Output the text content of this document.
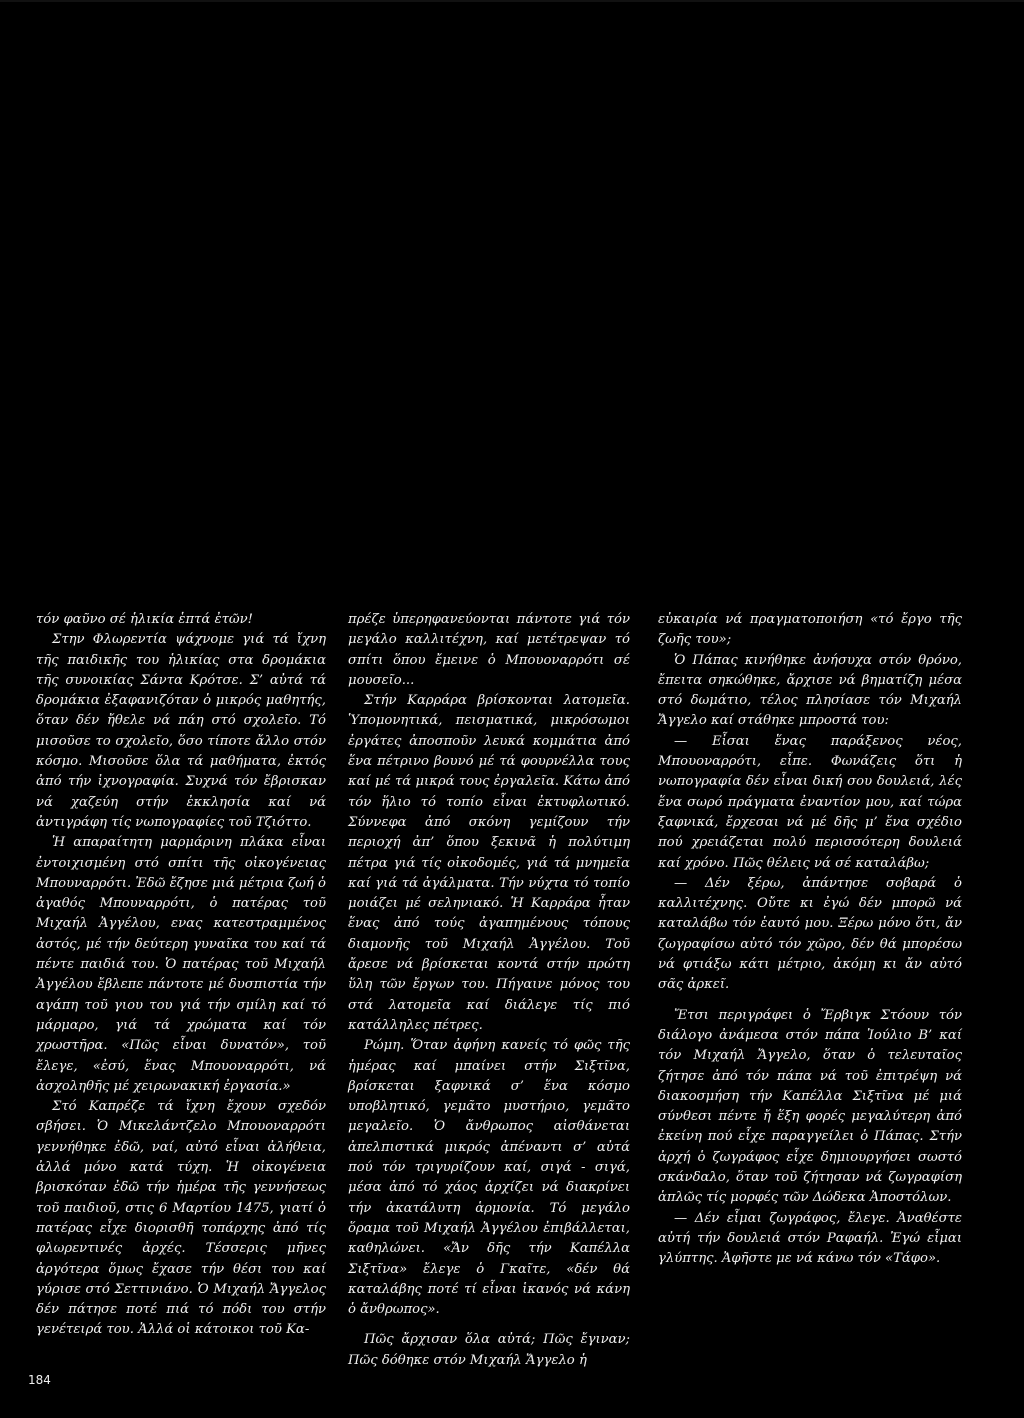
τόν φαῦνο σέ ἡλικία ἑπτά ἐτῶν!

Στην Φλωρεντία ψάχνομε γιά τά ἴχνη τῆς παιδικῆς του ἡλικίας στα δρομάκια τῆς συνοικίας Σάντα Κρότσε. Σ’ αὐτά τά δρομάκια ἐξαφανιζόταν ὁ μικρός μαθητής, ὅταν δέν ἤθελε νά πάη στό σχολεῖο. Τό μισοῦσε το σχολεῖο, ὅσο τίποτε ἄλλο στόν κόσμο. Μισοῦσε ὅλα τά μαθήματα, ἐκτός ἀπό τήν ἰχνογραφία. Συχνά τόν ἔβρισκαν νά χαζεύη στήν ἐκκλησία καί νά ἀντιγράφη τίς νωπογραφίες τοῦ Τζιόττο.

Ἡ απαραίτητη μαρμάρινη πλάκα εἶναι ἐντοιχισμένη στό σπίτι τῆς οἰκογένειας Μπουναρρότι. Ἐδῶ ἔζησε μιά μέτρια ζωή ὁ ἀγαθός Μπουναρρότι, ὁ πατέρας τοῦ Μιχαήλ Ἀγγέλου, ενας κατεστραμμένος ἀστός, μέ τήν δεύτερη γυναῖκα του καί τά πέντε παιδιά του. Ὁ πατέρας τοῦ Μιχαήλ Ἀγγέλου ἔβλεπε πάντοτε μέ δυσπιστία τήν αγάπη τοῦ γιου του γιά τήν σμίλη καί τό μάρμαρο, γιά τά χρώματα καί τόν χρωστῆρα. «Πῶς εἶναι δυνατόν», τοῦ ἔλεγε, «ἐσύ, ἕνας Μπουοναρρότι, νά ἀσχοληθῆς μέ χειρωνακική ἐργασία.»

Στό Καπρέζε τά ἴχνη ἔχουν σχεδόν σβήσει. Ὁ Μικελάντζελο Μπουοναρρότι γεννήθηκε ἐδῶ, ναί, αὐτό εἶναι ἀλήθεια, ἀλλά μόνο κατά τύχη. Ἡ οἰκογένεια βρισκόταν ἐδῶ τήν ἡμέρα τῆς γεννήσεως τοῦ παιδιοῦ, στις 6 Μαρτίου 1475, γιατί ὁ πατέρας εἶχε διορισθῆ τοπάρχης ἀπό τίς φλωρεντινές ἀρχές. Τέσσερις μῆνες ἀργότερα ὅμως ἔχασε τήν θέσι του καί γύρισε στό Σεττινιάνο. Ὁ Μιχαήλ Ἄγγελος δέν πάτησε ποτέ πιά τό πόδι του στήν γενέτειρά του. Ἀλλά οἱ κάτοικοι τοῦ Κα-

πρέζε ὑπερηφανεύονται πάντοτε γιά τόν μεγάλο καλλιτέχνη, καί μετέτρεψαν τό σπίτι ὅπου ἔμεινε ὁ Μπουοναρρότι σέ μουσεῖο...

Στήν Καρράρα βρίσκονται λατομεῖα. Ὑπομονητικά, πεισματικά, μικρόσωμοι ἐργάτες ἀποσποῦν λευκά κομμάτια ἀπό ἕνα πέτρινο βουνό μέ τά φουρνέλλα τους καί μέ τά μικρά τους ἐργαλεῖα. Κάτω ἀπό τόν ἥλιο τό τοπίο εἶναι ἐκτυφλωτικό. Σύννεφα ἀπό σκόνη γεμίζουν τήν περιοχή ἀπ’ ὅπου ξεκινᾶ ἡ πολύτιμη πέτρα γιά τίς οἰκοδομές, γιά τά μνημεῖα καί γιά τά ἀγάλματα. Τήν νύχτα τό τοπίο μοιάζει μέ σεληνιακό. Ἡ Καρράρα ἦταν ἕνας ἀπό τούς ἀγαπημένους τόπους διαμονῆς τοῦ Μιχαήλ Ἀγγέλου. Τοῦ ἄρεσε νά βρίσκεται κοντά στήν πρώτη ὕλη τῶν ἔργων του. Πήγαινε μόνος του στά λατομεῖα καί διάλεγε τίς πιό κατάλληλες πέτρες.

Ρώμη. Ὅταν ἀφήνη κανείς τό φῶς τῆς ἡμέρας καί μπαίνει στήν Σιξτῖνα, βρίσκεται ξαφνικά σ’ ἕνα κόσμο υποβλητικό, γεμᾶτο μυστήριο, γεμᾶτο μεγαλεῖο. Ὁ ἄνθρωπος αἰσθάνεται ἀπελπιστικά μικρός ἀπέναντι σ’ αὐτά πού τόν τριγυρίζουν καί, σιγά - σιγά, μέσα ἀπό τό χάος ἀρχίζει νά διακρίνει τήν ἀκατάλυτη ἁρμονία. Τό μεγάλο ὅραμα τοῦ Μιχαήλ Ἀγγέλου ἐπιβάλλεται, καθηλώνει. «Ἄν δῆς τήν Καπέλλα Σιξτῖνα» ἔλεγε ὁ Γκαῖτε, «δέν θά καταλάβης ποτέ τί εἶναι ἱκανός νά κάνη ὁ ἄνθρωπος».

Πῶς ἄρχισαν ὅλα αὐτά; Πῶς ἔγιναν; Πῶς δόθηκε στόν Μιχαήλ Ἄγγελο ἡ

εὐκαιρία νά πραγματοποιήση «τό ἔργο τῆς ζωῆς του»;

Ὁ Πάπας κινήθηκε ἀνήσυχα στόν θρόνο, ἔπειτα σηκώθηκε, ἄρχισε νά βηματίζη μέσα στό δωμάτιο, τέλος πλησίασε τόν Μιχαήλ Ἄγγελο καί στάθηκε μπροστά του:

— Εἶσαι ἕνας παράξενος νέος, Μπουοναρρότι, εἶπε. Φωνάζεις ὅτι ἡ νωπογραφία δέν εἶναι δική σου δουλειά, λές ἕνα σωρό πράγματα ἐναντίον μου, καί τώρα ξαφνικά, ἔρχεσαι νά μέ δῆς μ’ ἕνα σχέδιο πού χρειάζεται πολύ περισσότερη δουλειά καί χρόνο. Πῶς θέλεις νά σέ καταλάβω;

— Δέν ξέρω, ἀπάντησε σοβαρά ὁ καλλιτέχνης. Οὔτε κι ἐγώ δέν μπορῶ νά καταλάβω τόν ἑαυτό μου. Ξέρω μόνο ὅτι, ἄν ζωγραφίσω αὐτό τόν χῶρο, δέν θά μπορέσω νά φτιάξω κάτι μέτριο, ἀκόμη κι ἄν αὐτό σᾶς ἀρκεῖ.

Ἔτσι περιγράφει ὁ Ἔρβιγκ Στόουν τόν διάλογο ἀνάμεσα στόν πάπα Ἰούλιο Β’ καί τόν Μιχαήλ Ἄγγελο, ὅταν ὁ τελευταῖος ζήτησε ἀπό τόν πάπα νά τοῦ ἐπιτρέψη νά διακοσμήση τήν Καπέλλα Σιξτῖνα μέ μιά σύνθεσι πέντε ἤ ἕξη φορές μεγαλύτερη ἀπό ἐκείνη πού εἶχε παραγγείλει ὁ Πάπας. Στήν ἀρχή ὁ ζωγράφος εἶχε δημιουργήσει σωστό σκάνδαλο, ὅταν τοῦ ζήτησαν νά ζωγραφίση ἁπλῶς τίς μορφές τῶν Δώδεκα Ἀποστόλων.

— Δέν εἶμαι ζωγράφος, ἔλεγε. Ἀναθέστε αὐτή τήν δουλειά στόν Ραφαήλ. Ἐγώ εἶμαι γλύπτης. Ἀφῆστε με νά κάνω τόν «Τάφο».

184
